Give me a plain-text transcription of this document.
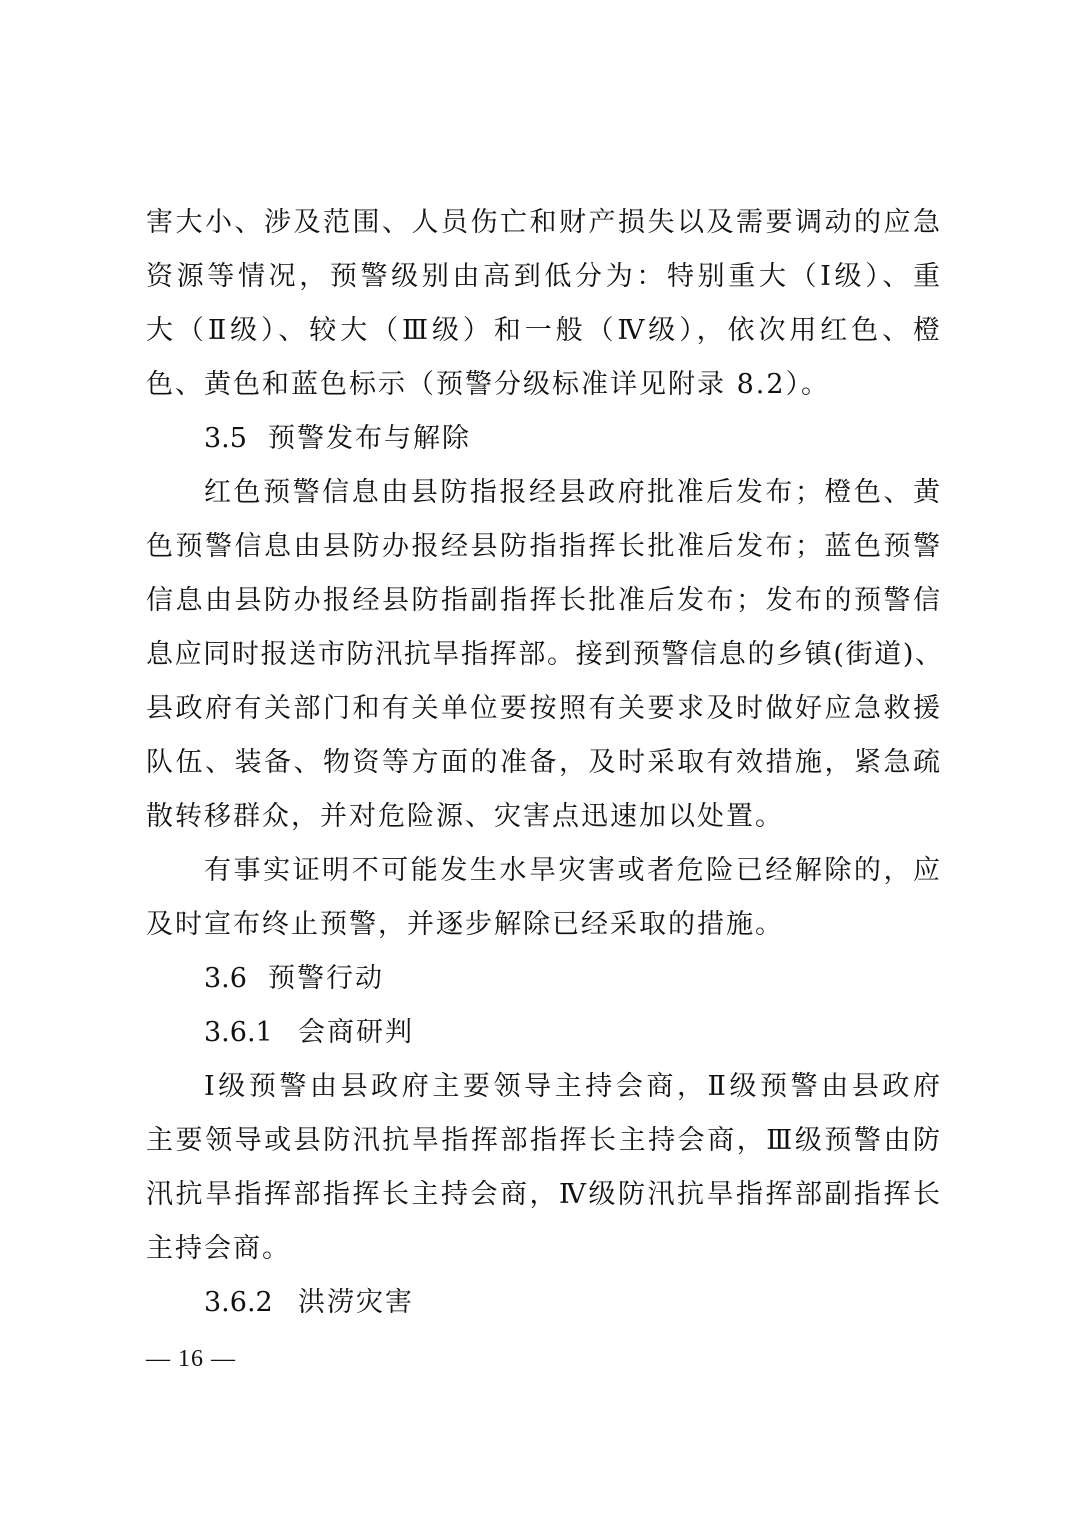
害大小、涉及范围、人员伤亡和财产损失以及需要调动的应急
资源等情况，预警级别由高到低分为：特别重大（Ⅰ级）、重
大（Ⅱ级）、较大（Ⅲ级）和一般（Ⅳ级），依次用红色、橙
色、黄色和蓝色标示（预警分级标准详见附录 8.2）。
3.5 预警发布与解除
红色预警信息由县防指报经县政府批准后发布；橙色、黄
色预警信息由县防办报经县防指指挥长批准后发布；蓝色预警
信息由县防办报经县防指副指挥长批准后发布；发布的预警信
息应同时报送市防汛抗旱指挥部。接到预警信息的乡镇(街道)、
县政府有关部门和有关单位要按照有关要求及时做好应急救援
队伍、装备、物资等方面的准备，及时采取有效措施，紧急疏
散转移群众，并对危险源、灾害点迅速加以处置。
有事实证明不可能发生水旱灾害或者危险已经解除的，应
及时宣布终止预警，并逐步解除已经采取的措施。
3.6 预警行动
3.6.1 会商研判
Ⅰ级预警由县政府主要领导主持会商，Ⅱ级预警由县政府
主要领导或县防汛抗旱指挥部指挥长主持会商，Ⅲ级预警由防
汛抗旱指挥部指挥长主持会商，Ⅳ级防汛抗旱指挥部副指挥长
主持会商。
3.6.2 洪涝灾害
— 16 —
